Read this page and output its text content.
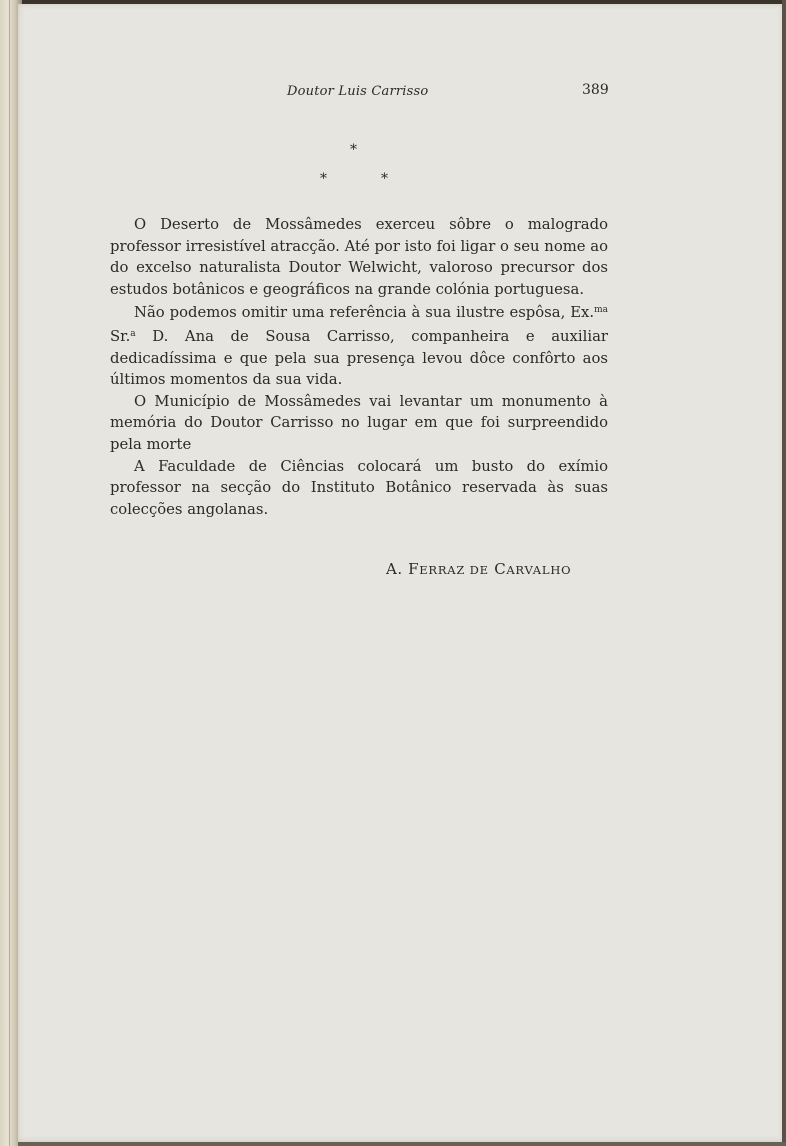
Doutor Luis Carrisso	389
*
*	*

O Deserto de Mossâmedes exerceu sôbre o malogrado professor irresistível atracção. Até por isto foi ligar o seu nome ao do excelso naturalista Doutor Welwicht, valoroso precursor dos estudos botânicos e geográficos na grande colónia portuguesa.

Não podemos omitir uma referência à sua ilustre espôsa, Ex.$^{ma}$ Sr.$^a$ D. Ana de Sousa Carrisso, companheira e auxiliar dedicadíssima e que pela sua presença levou dôce confôrto aos últimos momentos da sua vida.

O Município de Mossâmedes vai levantar um monumento à memória do Doutor Carrisso no lugar em que foi surpreendido pela morte

A Faculdade de Ciências colocará um busto do exímio professor na secção do Instituto Botânico reservada às suas colecções angolanas.

A. FERRAZ DE CARVALHO
